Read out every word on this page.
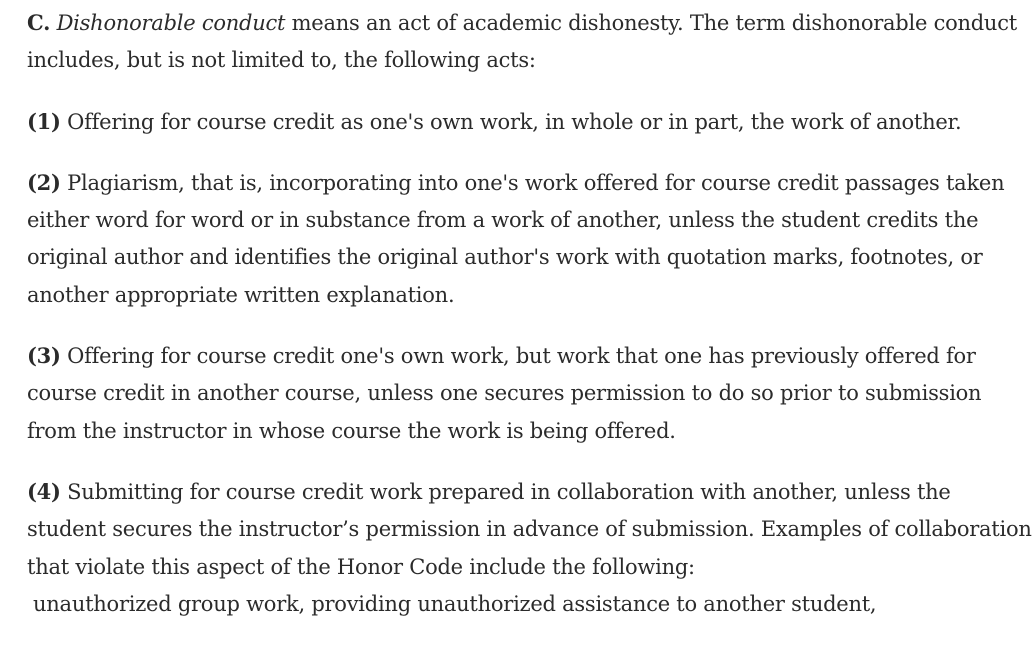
C. Dishonorable conduct means an act of academic dishonesty. The term dishonorable conduct includes, but is not limited to, the following acts:

(1) Offering for course credit as one's own work, in whole or in part, the work of another.

(2) Plagiarism, that is, incorporating into one's work offered for course credit passages taken either word for word or in substance from a work of another, unless the student credits the original author and identifies the original author's work with quotation marks, footnotes, or another appropriate written explanation.

(3) Offering for course credit one's own work, but work that one has previously offered for course credit in another course, unless one secures permission to do so prior to submission from the instructor in whose course the work is being offered.

(4) Submitting for course credit work prepared in collaboration with another, unless the student secures the instructor’s permission in advance of submission. Examples of collaboration that violate this aspect of the Honor Code include the following:
unauthorized group work, providing unauthorized assistance to another student,
